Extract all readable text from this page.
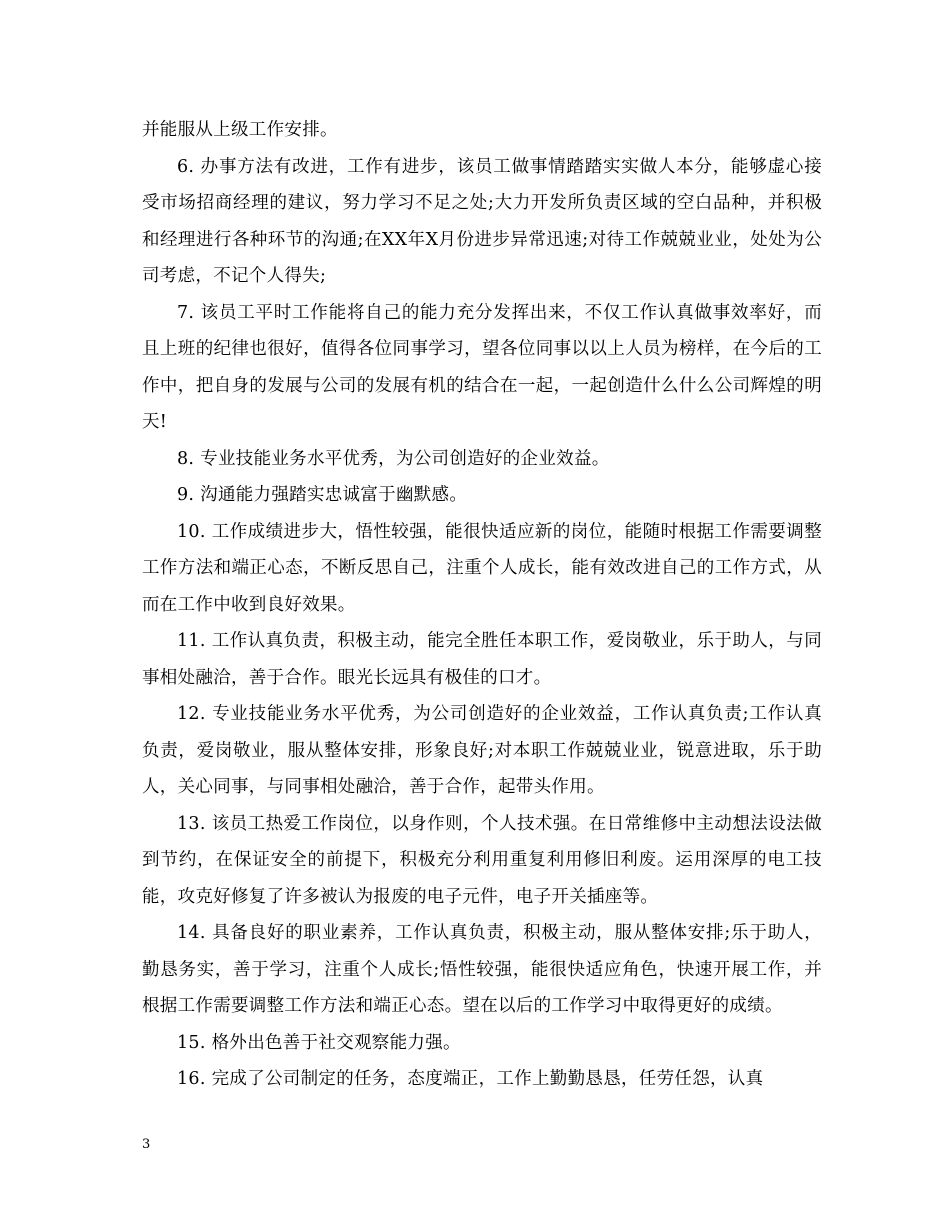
并能服从上级工作安排。

6. 办事方法有改进，工作有进步，该员工做事情踏踏实实做人本分，能够虚心接受市场招商经理的建议，努力学习不足之处;大力开发所负责区域的空白品种，并积极和经理进行各种环节的沟通;在XX年X月份进步异常迅速;对待工作兢兢业业，处处为公司考虑，不记个人得失;

7. 该员工平时工作能将自己的能力充分发挥出来，不仅工作认真做事效率好，而且上班的纪律也很好，值得各位同事学习，望各位同事以以上人员为榜样，在今后的工作中，把自身的发展与公司的发展有机的结合在一起，一起创造什么什么公司辉煌的明天!

8. 专业技能业务水平优秀，为公司创造好的企业效益。

9. 沟通能力强踏实忠诚富于幽默感。

10. 工作成绩进步大，悟性较强，能很快适应新的岗位，能随时根据工作需要调整工作方法和端正心态，不断反思自己，注重个人成长，能有效改进自己的工作方式，从而在工作中收到良好效果。

11. 工作认真负责，积极主动，能完全胜任本职工作，爱岗敬业，乐于助人，与同事相处融洽，善于合作。眼光长远具有极佳的口才。

12. 专业技能业务水平优秀，为公司创造好的企业效益，工作认真负责;工作认真负责，爱岗敬业，服从整体安排，形象良好;对本职工作兢兢业业，锐意进取，乐于助人，关心同事，与同事相处融洽，善于合作，起带头作用。

13. 该员工热爱工作岗位，以身作则，个人技术强。在日常维修中主动想法设法做到节约，在保证安全的前提下，积极充分利用重复利用修旧利废。运用深厚的电工技能，攻克好修复了许多被认为报废的电子元件，电子开关插座等。

14. 具备良好的职业素养，工作认真负责，积极主动，服从整体安排;乐于助人，勤恳务实，善于学习，注重个人成长;悟性较强，能很快适应角色，快速开展工作，并根据工作需要调整工作方法和端正心态。望在以后的工作学习中取得更好的成绩。

15. 格外出色善于社交观察能力强。

16. 完成了公司制定的任务，态度端正，工作上勤勤恳恳，任劳任怨，认真

3
